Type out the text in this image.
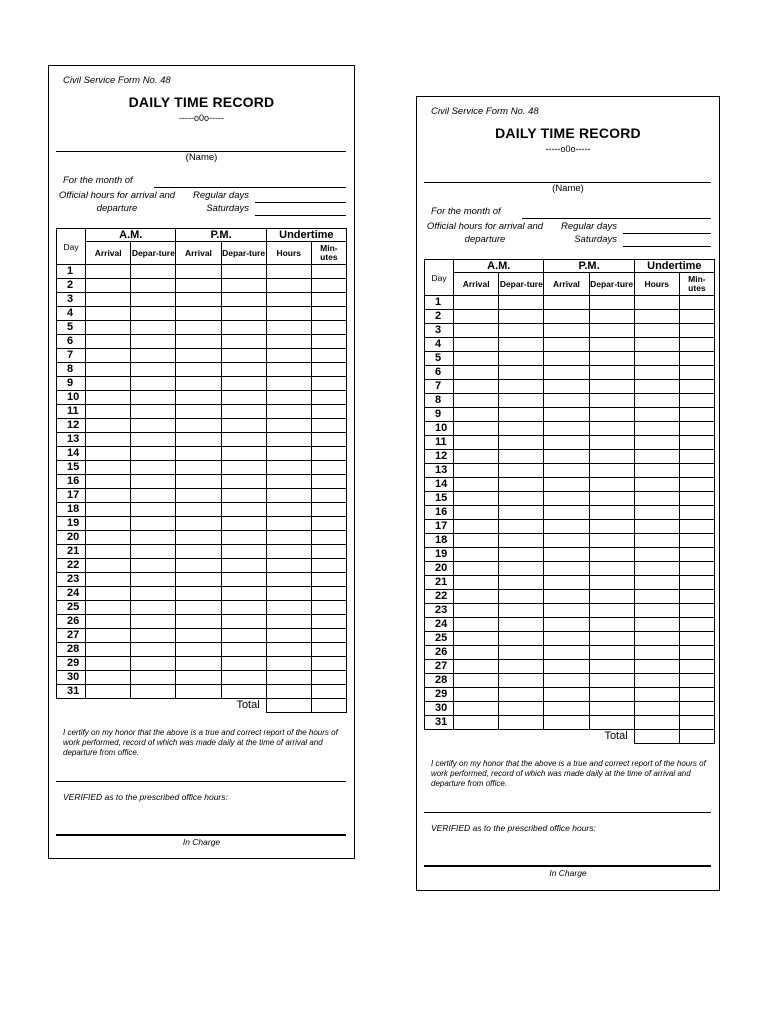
Civil Service Form No. 48
DAILY TIME RECORD
-----o0o-----
(Name)
For the month of
Official hours for arrival and departure
Regular days
Saturdays
Day	A.M.		P.M.		Undertime	
	Arrival	Depar-ture	Arrival	Depar-ture	Hours	Min-utes
1						
2						
3						
4						
5						
6						
7						
8						
9						
10						
11						
12						
13						
14						
15						
16						
17						
18						
19						
20						
21						
22						
23						
24						
25						
26						
27						
28						
29						
30						
31						
Total						
I certify on my honor that the above is a true and correct report of the hours of work performed, record of which was made daily at the time of arrival and departure from office.
VERIFIED as to the prescribed office hours:
In Charge
Civil Service Form No. 48
DAILY TIME RECORD
-----o0o-----
(Name)
For the month of
Official hours for arrival and departure
Regular days
Saturdays
Day	A.M.		P.M.		Undertime	
	Arrival	Depar-ture	Arrival	Depar-ture	Hours	Min-utes
1						
2						
3						
4						
5						
6						
7						
8						
9						
10						
11						
12						
13						
14						
15						
16						
17						
18						
19						
20						
21						
22						
23						
24						
25						
26						
27						
28						
29						
30						
31						
Total						
I certify on my honor that the above is a true and correct report of the hours of work performed, record of which was made daily at the time of arrival and departure from office.
VERIFIED as to the prescribed office hours:
In Charge
